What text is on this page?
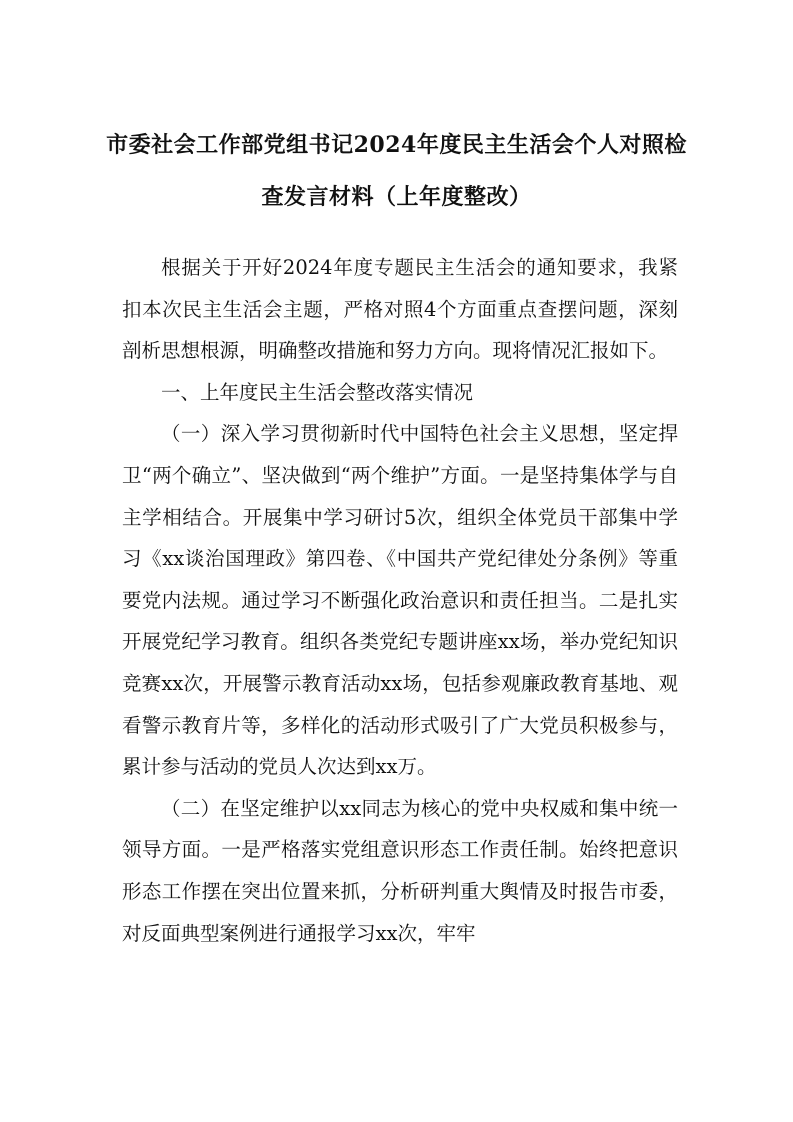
市委社会工作部党组书记2024年度民主生活会个人对照检
查发言材料（上年度整改）

根据关于开好2024年度专题民主生活会的通知要求，我紧扣本次民主生活会主题，严格对照4个方面重点查摆问题，深刻剖析思想根源，明确整改措施和努力方向。现将情况汇报如下。

一、上年度民主生活会整改落实情况

（一）深入学习贯彻新时代中国特色社会主义思想，坚定捍卫“两个确立”、坚决做到“两个维护”方面。一是坚持集体学与自主学相结合。开展集中学习研讨5次，组织全体党员干部集中学习《xx谈治国理政》第四卷、《中国共产党纪律处分条例》等重要党内法规。通过学习不断强化政治意识和责任担当。二是扎实开展党纪学习教育。组织各类党纪专题讲座xx场，举办党纪知识竞赛xx次，开展警示教育活动xx场，包括参观廉政教育基地、观看警示教育片等，多样化的活动形式吸引了广大党员积极参与，累计参与活动的党员人次达到xx万。

（二）在坚定维护以xx同志为核心的党中央权威和集中统一领导方面。一是严格落实党组意识形态工作责任制。始终把意识形态工作摆在突出位置来抓，分析研判重大舆情及时报告市委，对反面典型案例进行通报学习xx次，牢牢
